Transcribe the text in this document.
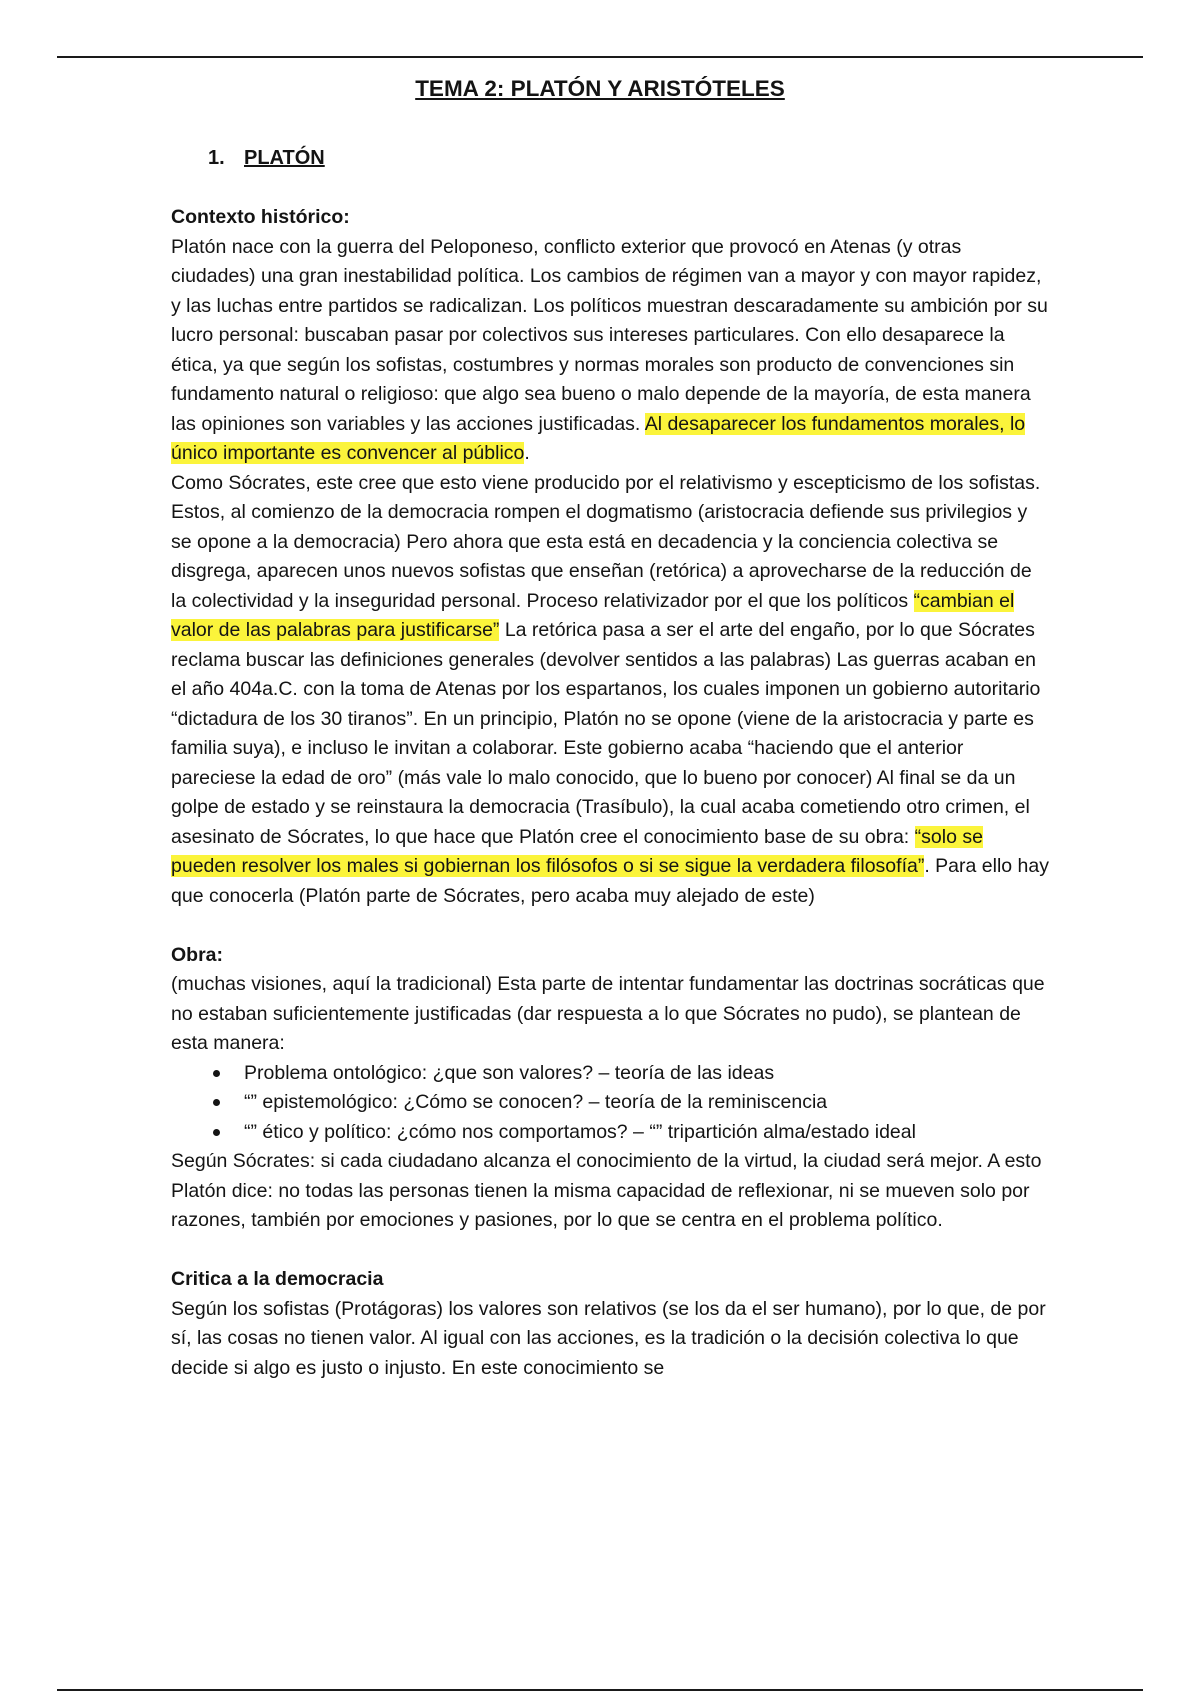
TEMA 2: PLATÓN Y ARISTÓTELES
1. PLATÓN

Contexto histórico:

Platón nace con la guerra del Peloponeso, conflicto exterior que provocó en Atenas (y otras ciudades) una gran inestabilidad política. Los cambios de régimen van a mayor y con mayor rapidez, y las luchas entre partidos se radicalizan. Los políticos muestran descaradamente su ambición por su lucro personal: buscaban pasar por colectivos sus intereses particulares. Con ello desaparece la ética, ya que según los sofistas, costumbres y normas morales son producto de convenciones sin fundamento natural o religioso: que algo sea bueno o malo depende de la mayoría, de esta manera las opiniones son variables y las acciones justificadas. Al desaparecer los fundamentos morales, lo único importante es convencer al público.

Como Sócrates, este cree que esto viene producido por el relativismo y escepticismo de los sofistas. Estos, al comienzo de la democracia rompen el dogmatismo (aristocracia defiende sus privilegios y se opone a la democracia) Pero ahora que esta está en decadencia y la conciencia colectiva se disgrega, aparecen unos nuevos sofistas que enseñan (retórica) a aprovecharse de la reducción de la colectividad y la inseguridad personal. Proceso relativizador por el que los políticos “cambian el valor de las palabras para justificarse” La retórica pasa a ser el arte del engaño, por lo que Sócrates reclama buscar las definiciones generales (devolver sentidos a las palabras) Las guerras acaban en el año 404a.C. con la toma de Atenas por los espartanos, los cuales imponen un gobierno autoritario “dictadura de los 30 tiranos”. En un principio, Platón no se opone (viene de la aristocracia y parte es familia suya), e incluso le invitan a colaborar. Este gobierno acaba “haciendo que el anterior pareciese la edad de oro” (más vale lo malo conocido, que lo bueno por conocer) Al final se da un golpe de estado y se reinstaura la democracia (Trasíbulo), la cual acaba cometiendo otro crimen, el asesinato de Sócrates, lo que hace que Platón cree el conocimiento base de su obra: “solo se pueden resolver los males si gobiernan los filósofos o si se sigue la verdadera filosofía”. Para ello hay que conocerla (Platón parte de Sócrates, pero acaba muy alejado de este)

Obra:

(muchas visiones, aquí la tradicional) Esta parte de intentar fundamentar las doctrinas socráticas que no estaban suficientemente justificadas (dar respuesta a lo que Sócrates no pudo), se plantean de esta manera:

Problema ontológico: ¿que son valores? – teoría de las ideas
“” epistemológico: ¿Cómo se conocen? – teoría de la reminiscencia
“” ético y político: ¿cómo nos comportamos? – “” tripartición alma/estado ideal

Según Sócrates: si cada ciudadano alcanza el conocimiento de la virtud, la ciudad será mejor. A esto Platón dice: no todas las personas tienen la misma capacidad de reflexionar, ni se mueven solo por razones, también por emociones y pasiones, por lo que se centra en el problema político.

Critica a la democracia

Según los sofistas (Protágoras) los valores son relativos (se los da el ser humano), por lo que, de por sí, las cosas no tienen valor. Al igual con las acciones, es la tradición o la decisión colectiva lo que decide si algo es justo o injusto. En este conocimiento se
